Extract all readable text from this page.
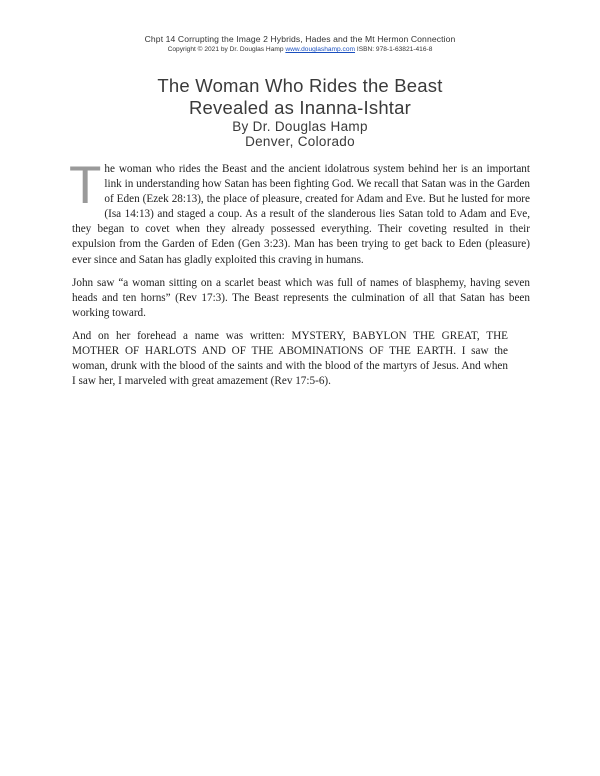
Chpt 14 Corrupting the Image 2 Hybrids, Hades and the Mt Hermon Connection
Copyright © 2021 by Dr. Douglas Hamp www.douglashamp.com ISBN: 978-1-63821-416-8
The Woman Who Rides the Beast
Revealed as Inanna-Ishtar
By Dr. Douglas Hamp
Denver, Colorado

The woman who rides the Beast and the ancient idolatrous system behind her is an important link in understanding how Satan has been fighting God. We recall that Satan was in the Garden of Eden (Ezek 28:13), the place of pleasure, created for Adam and Eve. But he lusted for more (Isa 14:13) and staged a coup. As a result of the slanderous lies Satan told to Adam and Eve, they began to covet when they already possessed everything. Their coveting resulted in their expulsion from the Garden of Eden (Gen 3:23). Man has been trying to get back to Eden (pleasure) ever since and Satan has gladly exploited this craving in humans.

John saw “a woman sitting on a scarlet beast which was full of names of blasphemy, having seven heads and ten horns” (Rev 17:3). The Beast represents the culmination of all that Satan has been working toward.

And on her forehead a name was written: MYSTERY, BABYLON THE GREAT, THE MOTHER OF HARLOTS AND OF THE ABOMINATIONS OF THE EARTH. I saw the woman, drunk with the blood of the saints and with the blood of the martyrs of Jesus. And when I saw her, I marveled with great amazement (Rev 17:5-6).
